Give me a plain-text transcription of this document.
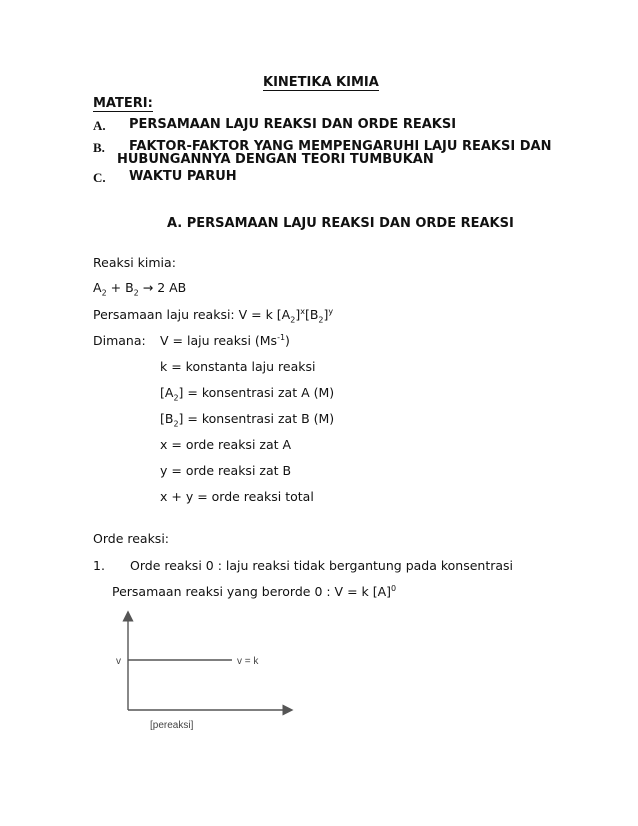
KINETIKA KIMIA
MATERI:
A. PERSAMAAN LAJU REAKSI DAN ORDE REAKSI
B. FAKTOR-FAKTOR YANG MEMPENGARUHI LAJU REAKSI DAN
HUBUNGANNYA DENGAN TEORI TUMBUKAN
C. WAKTU PARUH
A. PERSAMAAN LAJU REAKSI DAN ORDE REAKSI
Reaksi kimia:
$A_2 + B_2 \to 2$ AB
Persamaan laju reaksi: V = k $[A_2]^x[B_2]^y$
Dimana: V = laju reaksi $(Ms^{-1})$
k = konstanta laju reaksi
$[A_2]$ = konsentrasi zat A (M)
$[B_2]$ = konsentrasi zat B (M)
x = orde reaksi zat A
y = orde reaksi zat B
x + y = orde reaksi total
Orde reaksi:
1. Orde reaksi 0 : laju reaksi tidak bergantung pada konsentrasi
Persamaan reaksi yang berorde 0 : V = k $[A]^0$
v	v = k
[pereaksi]
